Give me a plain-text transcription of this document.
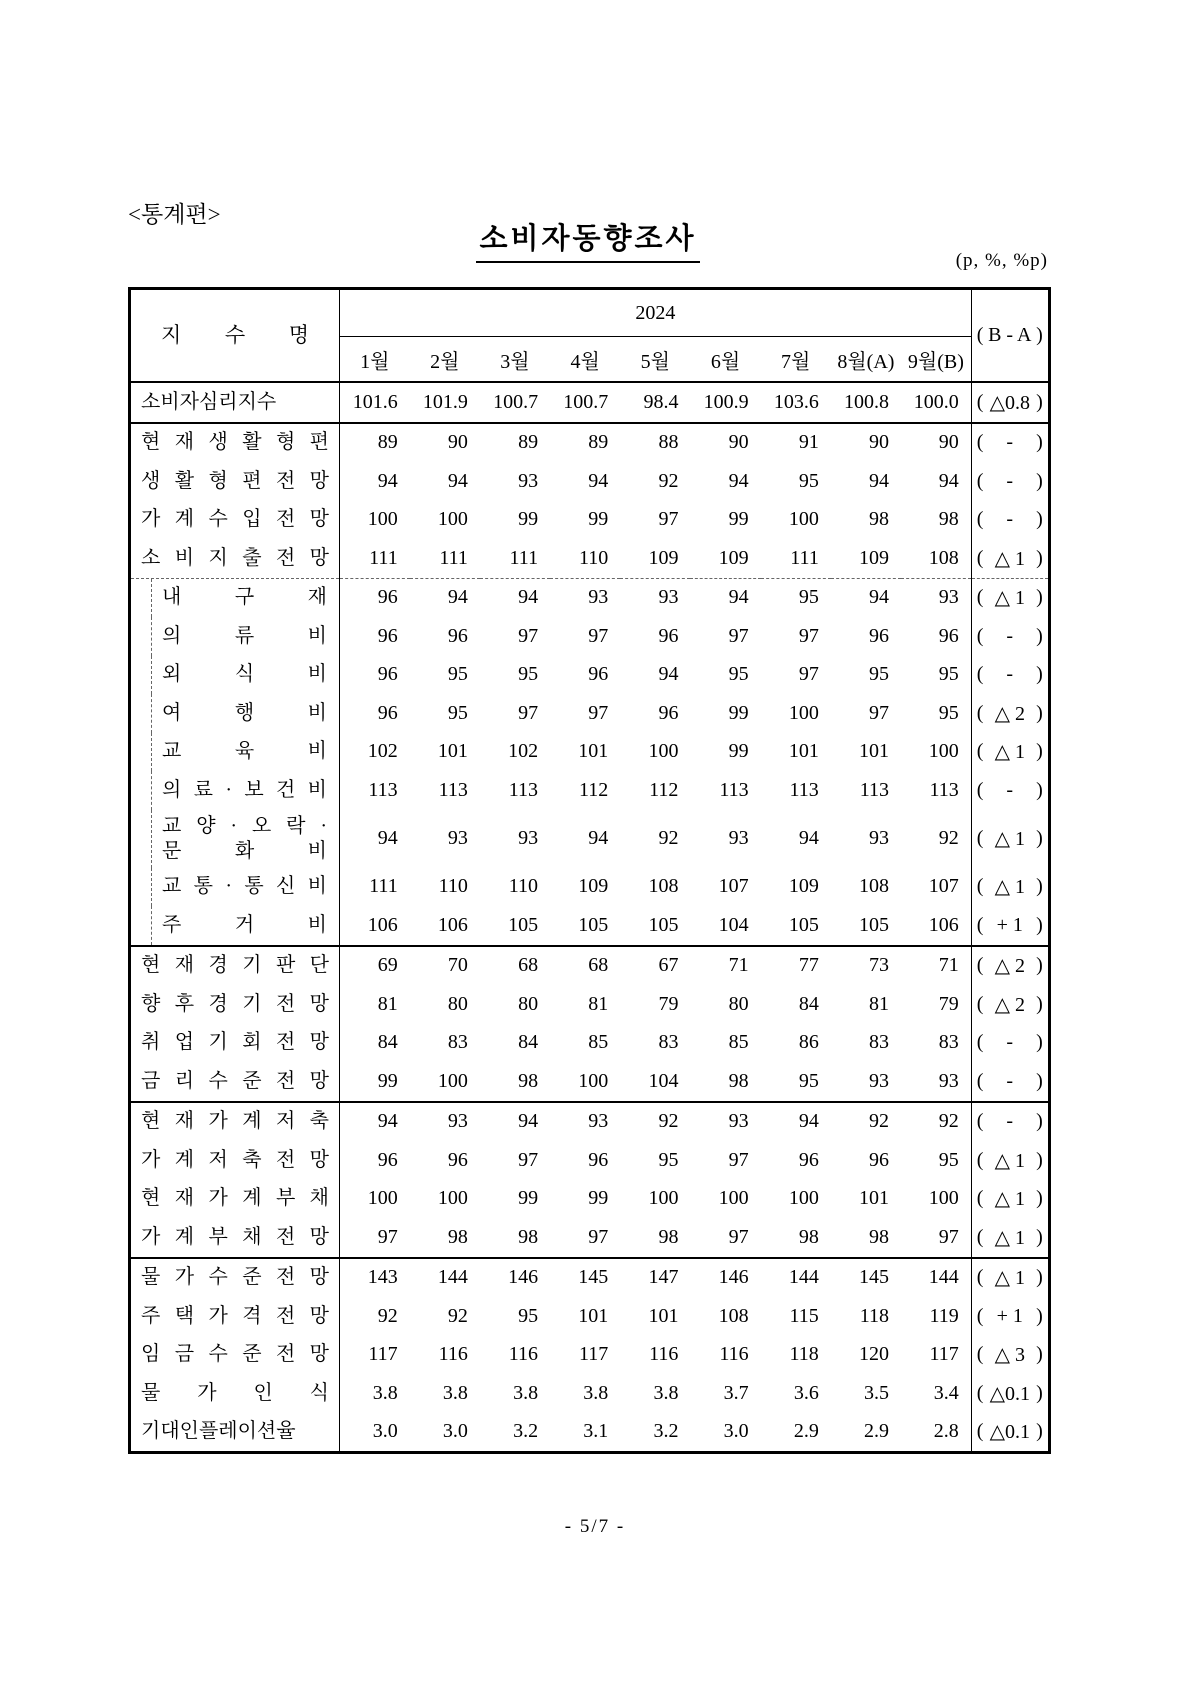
<통계편>
소비자동향조사
(p, %, %p)
지 수 명	2024									( B - A )

	1월	2월	3월	4월	5월	6월	7월	8월(A)	9월(B)	

소비자심리지수	101.6	101.9	100.7	100.7	98.4	100.9	103.6	100.8	100.0	( △0.8 )

현 재 생 활 형 편	89	90	89	89	88	90	91	90	90	( - )

생 활 형 편 전 망	94	94	93	94	92	94	95	94	94	( - )

가 계 수 입 전 망	100	100	99	99	97	99	100	98	98	( - )

소 비 지 출 전 망	111	111	111	110	109	109	111	109	108	( △ 1 )

내 구 재	96	94	94	93	93	94	95	94	93	( △ 1 )

의 류 비	96	96	97	97	96	97	97	96	96	( - )

외 식 비	96	95	95	96	94	95	97	95	95	( - )

여 행 비	96	95	97	97	96	99	100	97	95	( △ 2 )

교 육 비	102	101	102	101	100	99	101	101	100	( △ 1 )

의 료 · 보 건 비	113	113	113	112	112	113	113	113	113	( - )

교 양 · 오 락 ·
문 화 비
	94	93	93	94	92	93	94	93	92	( △ 1 )

교 통 · 통 신 비	111	110	110	109	108	107	109	108	107	( △ 1 )

주 거 비	106	106	105	105	105	104	105	105	106	( + 1 )

현 재 경 기 판 단	69	70	68	68	67	71	77	73	71	( △ 2 )

향 후 경 기 전 망	81	80	80	81	79	80	84	81	79	( △ 2 )

취 업 기 회 전 망	84	83	84	85	83	85	86	83	83	( - )

금 리 수 준 전 망	99	100	98	100	104	98	95	93	93	( - )

현 재 가 계 저 축	94	93	94	93	92	93	94	92	92	( - )

가 계 저 축 전 망	96	96	97	96	95	97	96	96	95	( △ 1 )

현 재 가 계 부 채	100	100	99	99	100	100	100	101	100	( △ 1 )

가 계 부 채 전 망	97	98	98	97	98	97	98	98	97	( △ 1 )

물 가 수 준 전 망	143	144	146	145	147	146	144	145	144	( △ 1 )

주 택 가 격 전 망	92	92	95	101	101	108	115	118	119	( + 1 )

임 금 수 준 전 망	117	116	116	117	116	116	118	120	117	( △ 3 )

물 가 인 식	3.8	3.8	3.8	3.8	3.8	3.7	3.6	3.5	3.4	( △0.1 )

기대인플레이션율	3.0	3.0	3.2	3.1	3.2	3.0	2.9	2.9	2.8	( △0.1 )
- 5/7 -
